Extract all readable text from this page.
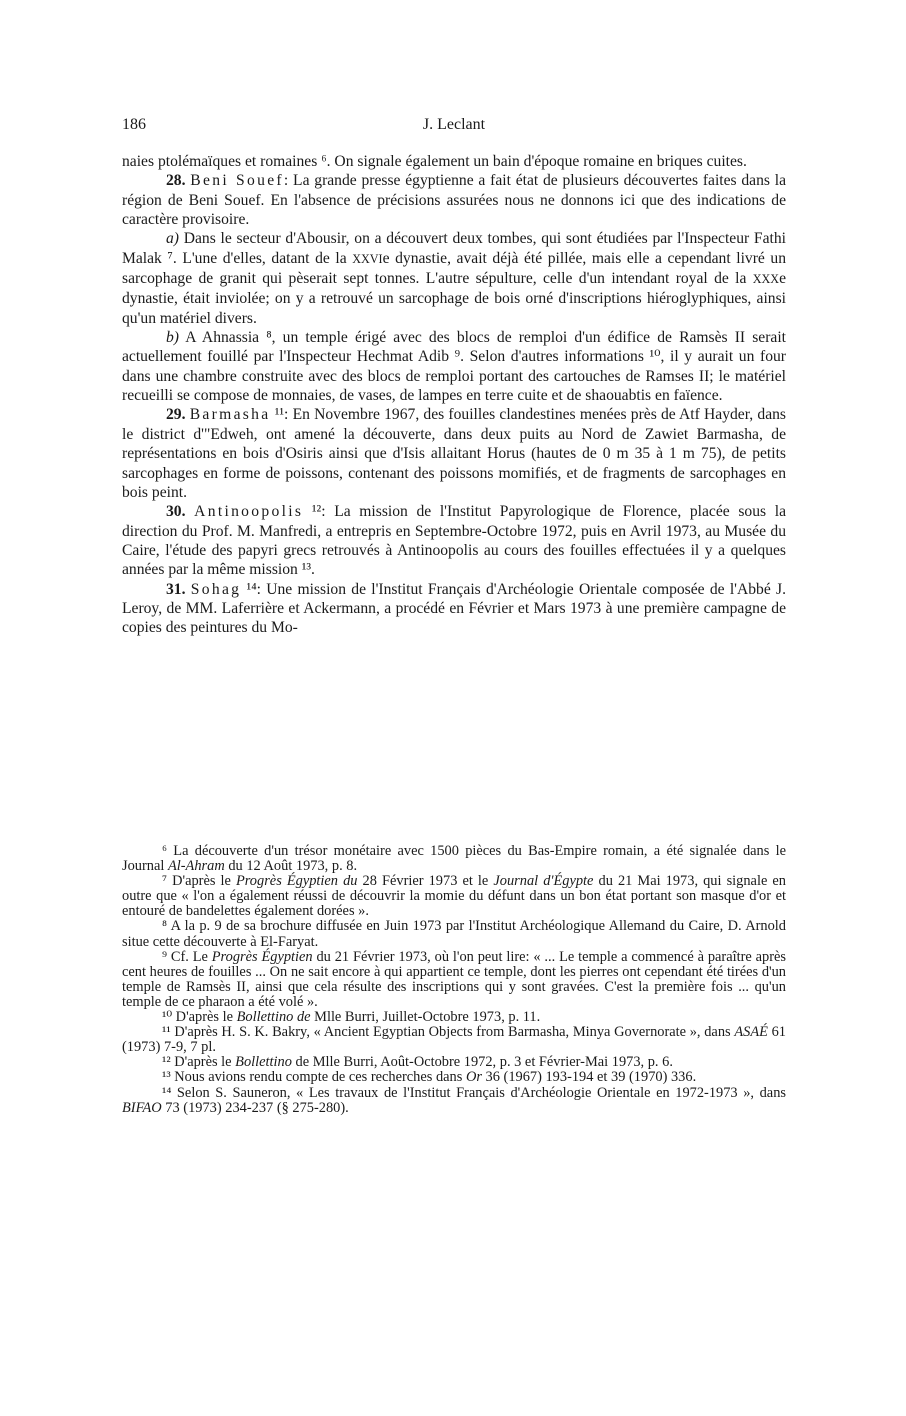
186	J. Leclant

naies ptolémaïques et romaines ⁶. On signale également un bain d'époque romaine en briques cuites.

28. Beni Souef: La grande presse égyptienne a fait état de plusieurs découvertes faites dans la région de Beni Souef. En l'absence de précisions assurées nous ne donnons ici que des indications de caractère provisoire.

a) Dans le secteur d'Abousir, on a découvert deux tombes, qui sont étudiées par l'Inspecteur Fathi Malak ⁷. L'une d'elles, datant de la XXVIe dynastie, avait déjà été pillée, mais elle a cependant livré un sarcophage de granit qui pèserait sept tonnes. L'autre sépulture, celle d'un intendant royal de la XXXe dynastie, était inviolée; on y a retrouvé un sarcophage de bois orné d'inscriptions hiéroglyphiques, ainsi qu'un matériel divers.

b) A Ahnassia ⁸, un temple érigé avec des blocs de remploi d'un édifice de Ramsès II serait actuellement fouillé par l'Inspecteur Hechmat Adib ⁹. Selon d'autres informations ¹⁰, il y aurait un four dans une chambre construite avec des blocs de remploi portant des cartouches de Ramses II; le matériel recueilli se compose de monnaies, de vases, de lampes en terre cuite et de shaouabtis en faïence.

29. Barmasha ¹¹: En Novembre 1967, des fouilles clandestines menées près de Atf Hayder, dans le district d'"Edweh, ont amené la découverte, dans deux puits au Nord de Zawiet Barmasha, de représentations en bois d'Osiris ainsi que d'Isis allaitant Horus (hautes de 0 m 35 à 1 m 75), de petits sarcophages en forme de poissons, contenant des poissons momifiés, et de fragments de sarcophages en bois peint.

30. Antinoopolis ¹²: La mission de l'Institut Papyrologique de Florence, placée sous la direction du Prof. M. Manfredi, a entrepris en Septembre-Octobre 1972, puis en Avril 1973, au Musée du Caire, l'étude des papyri grecs retrouvés à Antinoopolis au cours des fouilles effectuées il y a quelques années par la même mission ¹³.

31. Sohag ¹⁴: Une mission de l'Institut Français d'Archéologie Orientale composée de l'Abbé J. Leroy, de MM. Laferrière et Ackermann, a procédé en Février et Mars 1973 à une première campagne de copies des peintures du Mo-

⁶ La découverte d'un trésor monétaire avec 1500 pièces du Bas-Empire romain, a été signalée dans le Journal Al-Ahram du 12 Août 1973, p. 8.

⁷ D'après le Progrès Égyptien du 28 Février 1973 et le Journal d'Égypte du 21 Mai 1973, qui signale en outre que « l'on a également réussi de découvrir la momie du défunt dans un bon état portant son masque d'or et entouré de bandelettes également dorées ».

⁸ A la p. 9 de sa brochure diffusée en Juin 1973 par l'Institut Archéologique Allemand du Caire, D. Arnold situe cette découverte à El-Faryat.

⁹ Cf. Le Progrès Égyptien du 21 Février 1973, où l'on peut lire: « ... Le temple a commencé à paraître après cent heures de fouilles ... On ne sait encore à qui appartient ce temple, dont les pierres ont cependant été tirées d'un temple de Ramsès II, ainsi que cela résulte des inscriptions qui y sont gravées. C'est la première fois ... qu'un temple de ce pharaon a été volé ».

¹⁰ D'après le Bollettino de Mlle Burri, Juillet-Octobre 1973, p. 11.

¹¹ D'après H. S. K. Bakry, « Ancient Egyptian Objects from Barmasha, Minya Governorate », dans ASAÉ 61 (1973) 7-9, 7 pl.

¹² D'après le Bollettino de Mlle Burri, Août-Octobre 1972, p. 3 et Février-Mai 1973, p. 6.

¹³ Nous avions rendu compte de ces recherches dans Or 36 (1967) 193-194 et 39 (1970) 336.

¹⁴ Selon S. Sauneron, « Les travaux de l'Institut Français d'Archéologie Orientale en 1972-1973 », dans BIFAO 73 (1973) 234-237 (§ 275-280).
